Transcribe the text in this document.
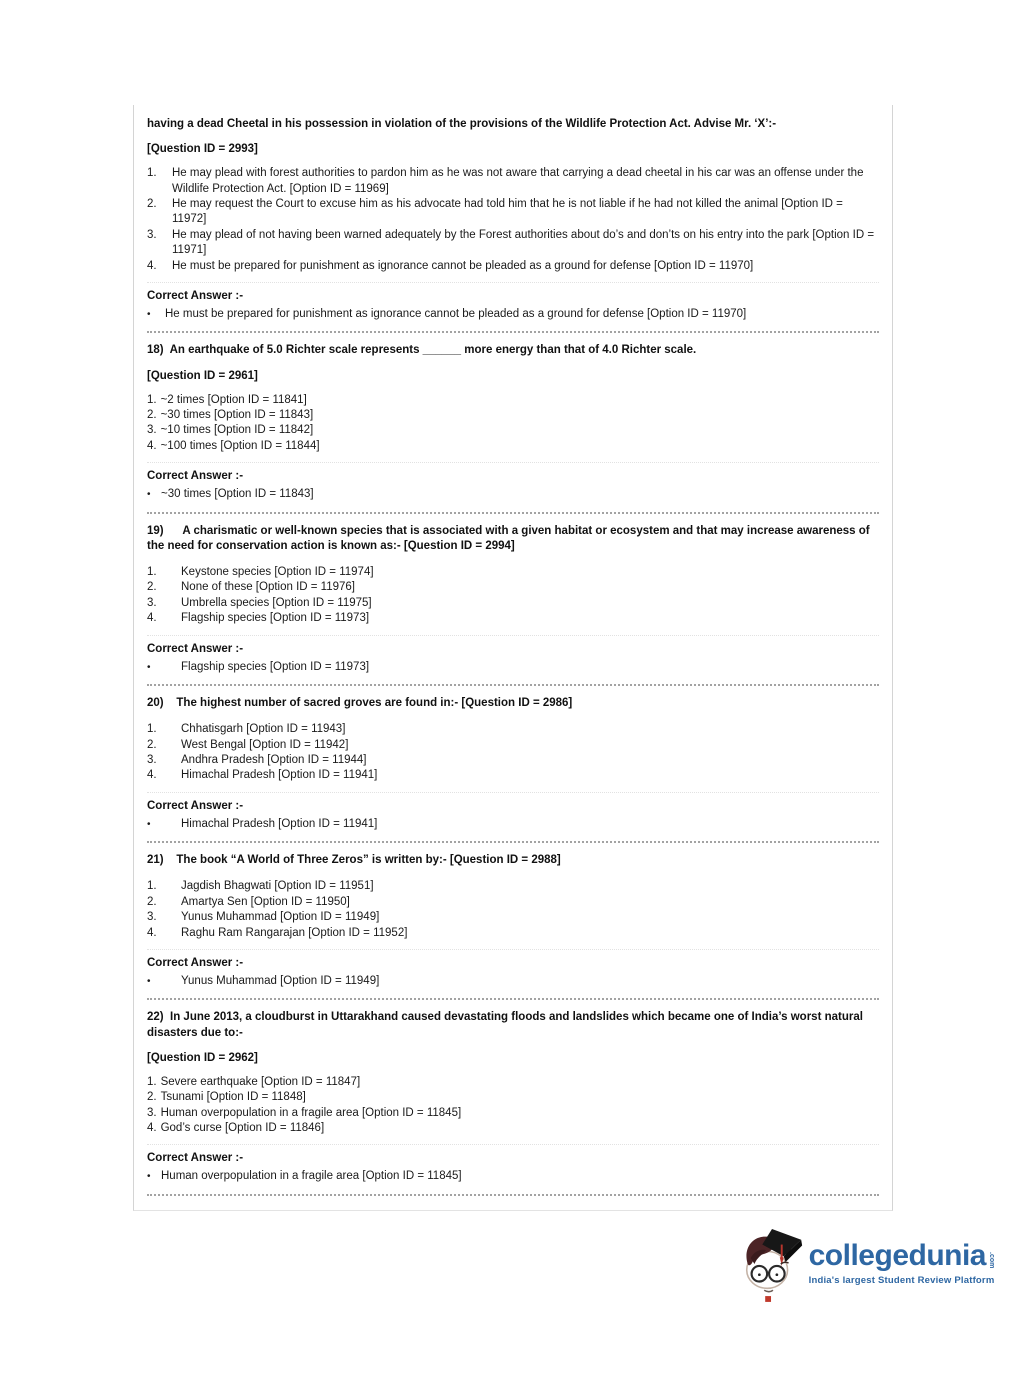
having a dead Cheetal in his possession in violation of the provisions of the Wildlife Protection Act. Advise Mr. ‘X’:-

[Question ID = 2993]

1.	He may plead with forest authorities to pardon him as he was not aware that carrying a dead cheetal in his car was an offense under the Wildlife Protection Act. [Option ID = 11969]
2.	He may request the Court to excuse him as his advocate had told him that he is not liable if he had not killed the animal [Option ID = 11972]
3.	He may plead of not having been warned adequately by the Forest authorities about do’s and don’ts on his entry into the park [Option ID = 11971]
4.	He must be prepared for punishment as ignorance cannot be pleaded as a ground for defense [Option ID = 11970]

Correct Answer :-

•	He must be prepared for punishment as ignorance cannot be pleaded as a ground for defense [Option ID = 11970]

18)  An earthquake of 5.0 Richter scale represents ______ more energy than that of 4.0 Richter scale.

[Question ID = 2961]

1. ~2 times [Option ID = 11841]
2. ~30 times [Option ID = 11843]
3. ~10 times [Option ID = 11842]
4. ~100 times [Option ID = 11844]

Correct Answer :-

• ~30 times [Option ID = 11843]

19)      A charismatic or well-known species that is associated with a given habitat or ecosystem and that may increase awareness of the need for conservation action is known as:- [Question ID = 2994]

1.	Keystone species [Option ID = 11974]
2.	None of these [Option ID = 11976]
3.	Umbrella species [Option ID = 11975]
4.	Flagship species [Option ID = 11973]

Correct Answer :-

•	Flagship species [Option ID = 11973]

20)    The highest number of sacred groves are found in:- [Question ID = 2986]

1.	Chhatisgarh [Option ID = 11943]
2.	West Bengal [Option ID = 11942]
3.	Andhra Pradesh [Option ID = 11944]
4.	Himachal Pradesh [Option ID = 11941]

Correct Answer :-

•	Himachal Pradesh [Option ID = 11941]

21)    The book “A World of Three Zeros” is written by:- [Question ID = 2988]

1.	Jagdish Bhagwati [Option ID = 11951]
2.	Amartya Sen [Option ID = 11950]
3.	Yunus Muhammad [Option ID = 11949]
4.	Raghu Ram Rangarajan [Option ID = 11952]

Correct Answer :-

•	Yunus Muhammad [Option ID = 11949]

22)  In June 2013, a cloudburst in Uttarakhand caused devastating floods and landslides which became one of India’s worst natural disasters due to:-

[Question ID = 2962]

1. Severe earthquake [Option ID = 11847]
2. Tsunami [Option ID = 11848]
3. Human overpopulation in a fragile area [Option ID = 11845]
4. God’s curse [Option ID = 11846]

Correct Answer :-

• Human overpopulation in a fragile area [Option ID = 11845]
collegedunia .com
India's largest Student Review Platform
